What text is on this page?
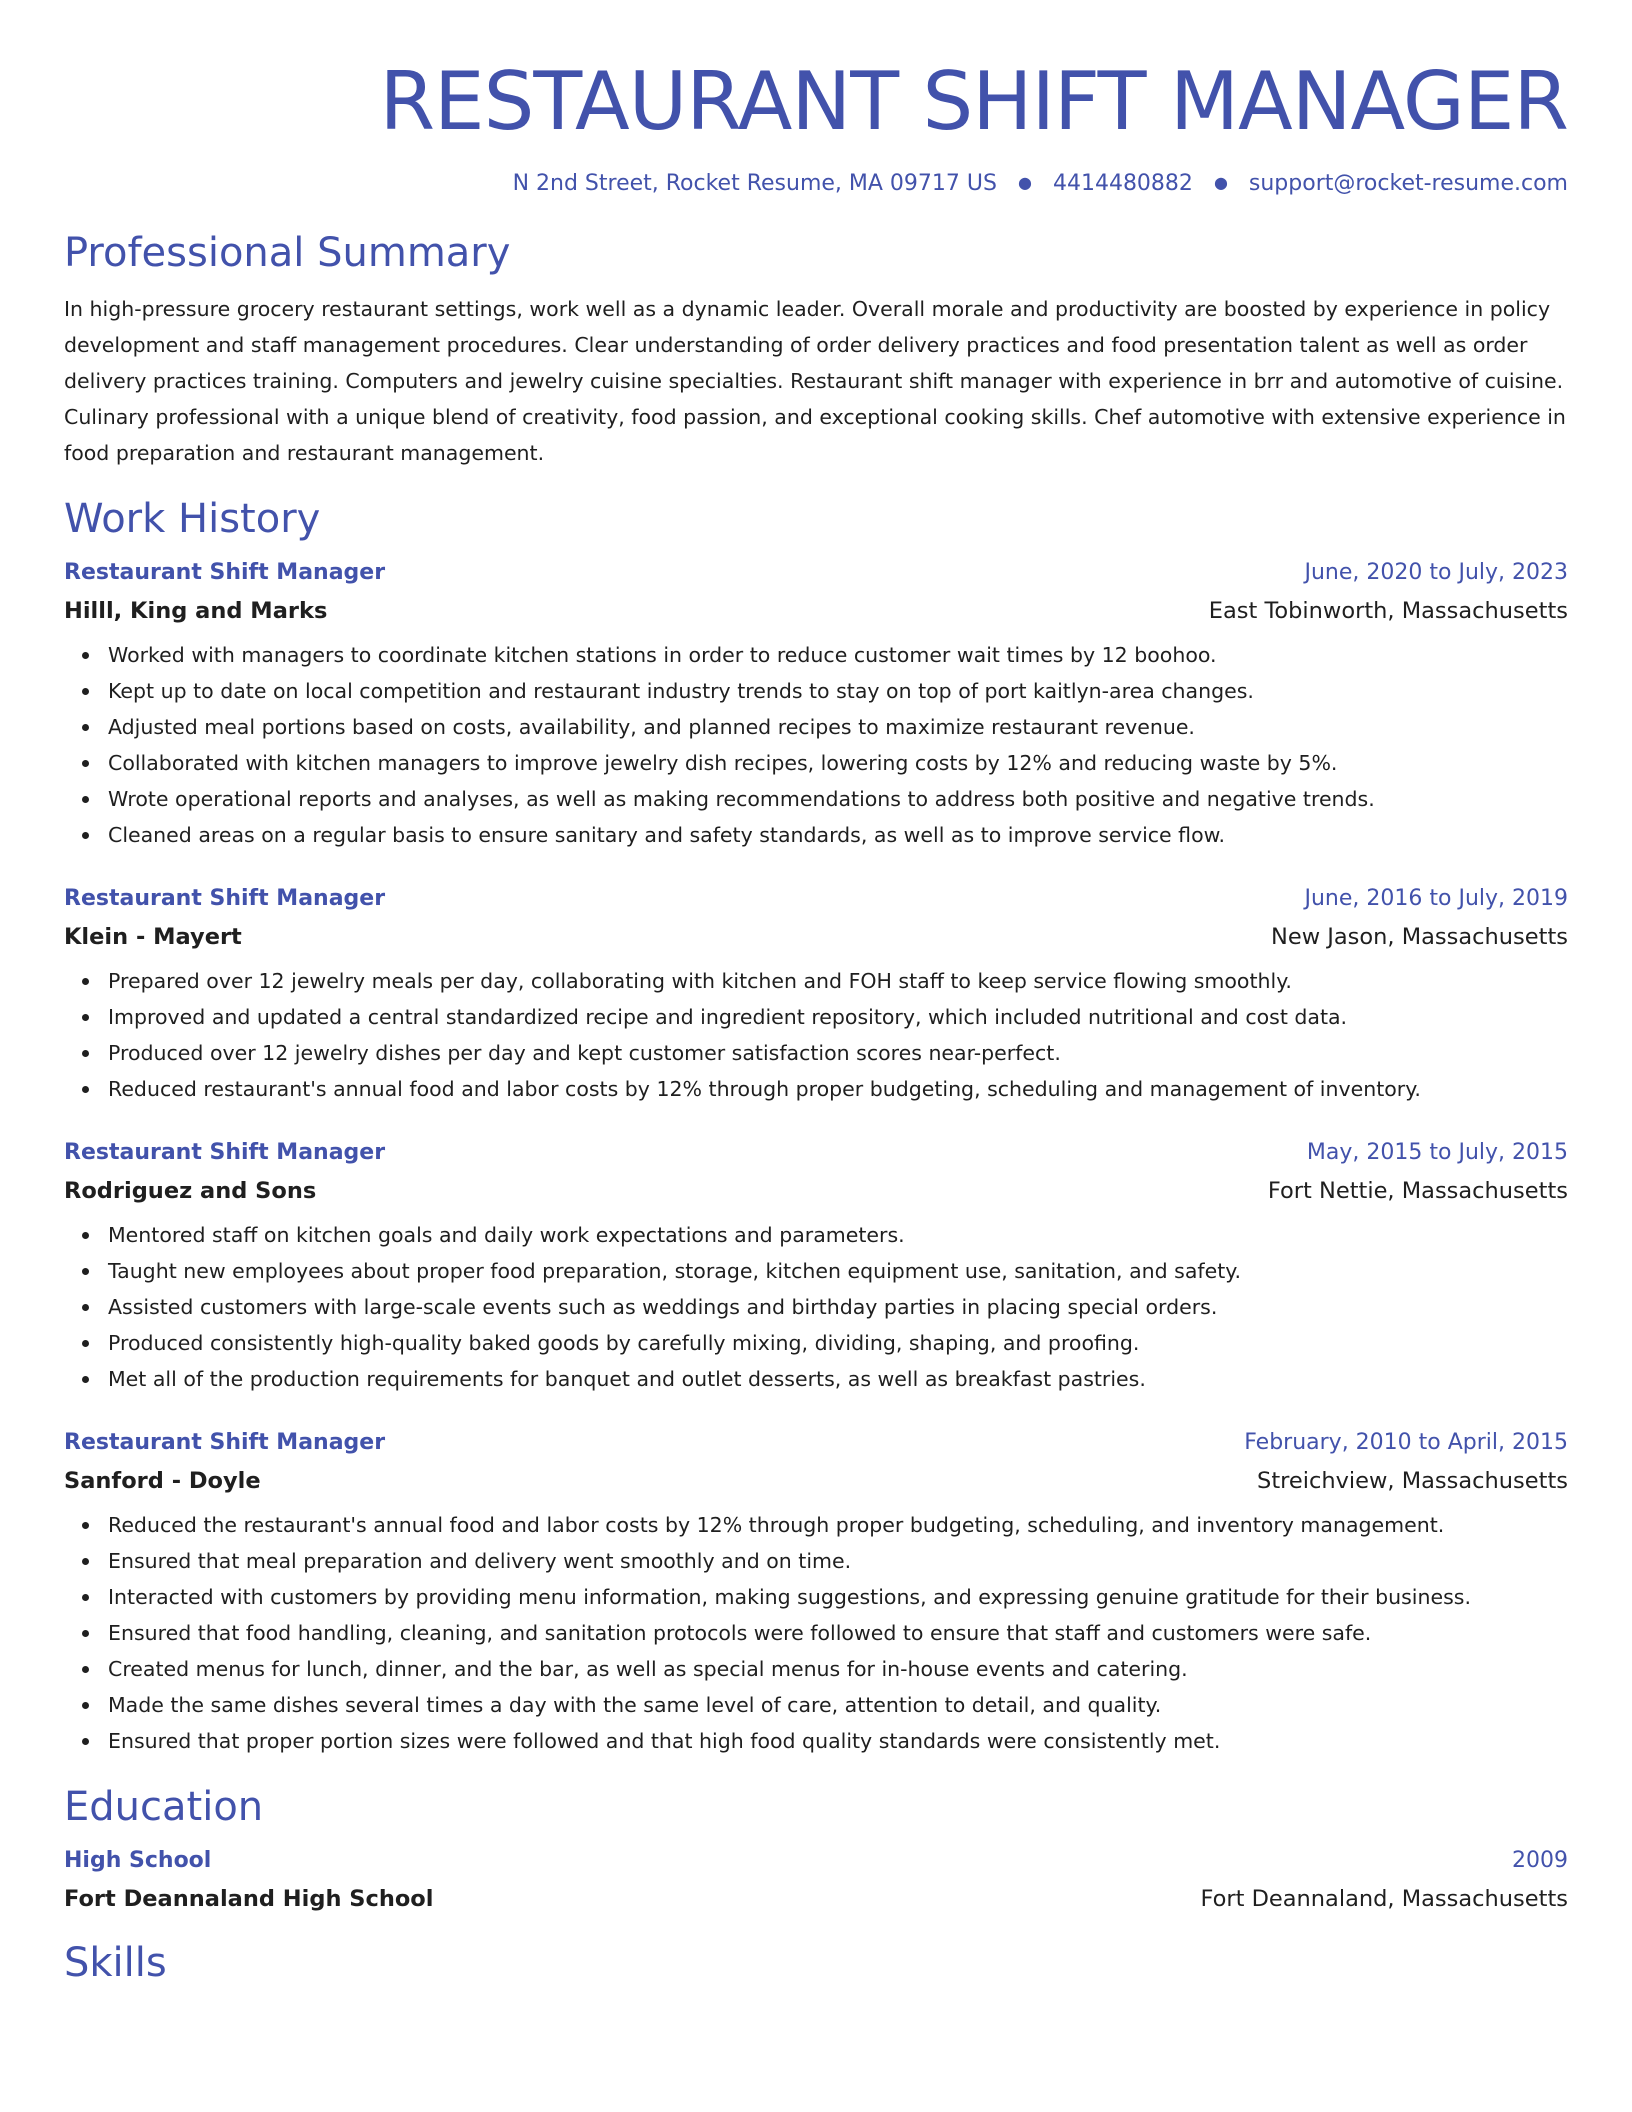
RESTAURANT SHIFT MANAGER
N 2nd Street, Rocket Resume, MA 09717 US ● 4414480882 ● support@rocket-resume.com
Professional Summary
In high-pressure grocery restaurant settings, work well as a dynamic leader. Overall morale and productivity are boosted by experience in policy development and staff management procedures. Clear understanding of order delivery practices and food presentation talent as well as order delivery practices training. Computers and jewelry cuisine specialties. Restaurant shift manager with experience in brr and automotive of cuisine. Culinary professional with a unique blend of creativity, food passion, and exceptional cooking skills. Chef automotive with extensive experience in food preparation and restaurant management.
Work History
Restaurant Shift Manager	June, 2020 to July, 2023
Hilll, King and Marks	East Tobinworth, Massachusetts
Worked with managers to coordinate kitchen stations in order to reduce customer wait times by 12 boohoo.
Kept up to date on local competition and restaurant industry trends to stay on top of port kaitlyn-area changes.
Adjusted meal portions based on costs, availability, and planned recipes to maximize restaurant revenue.
Collaborated with kitchen managers to improve jewelry dish recipes, lowering costs by 12% and reducing waste by 5%.
Wrote operational reports and analyses, as well as making recommendations to address both positive and negative trends.
Cleaned areas on a regular basis to ensure sanitary and safety standards, as well as to improve service flow.
Restaurant Shift Manager	June, 2016 to July, 2019
Klein - Mayert	New Jason, Massachusetts
Prepared over 12 jewelry meals per day, collaborating with kitchen and FOH staff to keep service flowing smoothly.
Improved and updated a central standardized recipe and ingredient repository, which included nutritional and cost data.
Produced over 12 jewelry dishes per day and kept customer satisfaction scores near-perfect.
Reduced restaurant's annual food and labor costs by 12% through proper budgeting, scheduling and management of inventory.
Restaurant Shift Manager	May, 2015 to July, 2015
Rodriguez and Sons	Fort Nettie, Massachusetts
Mentored staff on kitchen goals and daily work expectations and parameters.
Taught new employees about proper food preparation, storage, kitchen equipment use, sanitation, and safety.
Assisted customers with large-scale events such as weddings and birthday parties in placing special orders.
Produced consistently high-quality baked goods by carefully mixing, dividing, shaping, and proofing.
Met all of the production requirements for banquet and outlet desserts, as well as breakfast pastries.
Restaurant Shift Manager	February, 2010 to April, 2015
Sanford - Doyle	Streichview, Massachusetts
Reduced the restaurant's annual food and labor costs by 12% through proper budgeting, scheduling, and inventory management.
Ensured that meal preparation and delivery went smoothly and on time.
Interacted with customers by providing menu information, making suggestions, and expressing genuine gratitude for their business.
Ensured that food handling, cleaning, and sanitation protocols were followed to ensure that staff and customers were safe.
Created menus for lunch, dinner, and the bar, as well as special menus for in-house events and catering.
Made the same dishes several times a day with the same level of care, attention to detail, and quality.
Ensured that proper portion sizes were followed and that high food quality standards were consistently met.
Education
High School	2009
Fort Deannaland High School	Fort Deannaland, Massachusetts
Skills
